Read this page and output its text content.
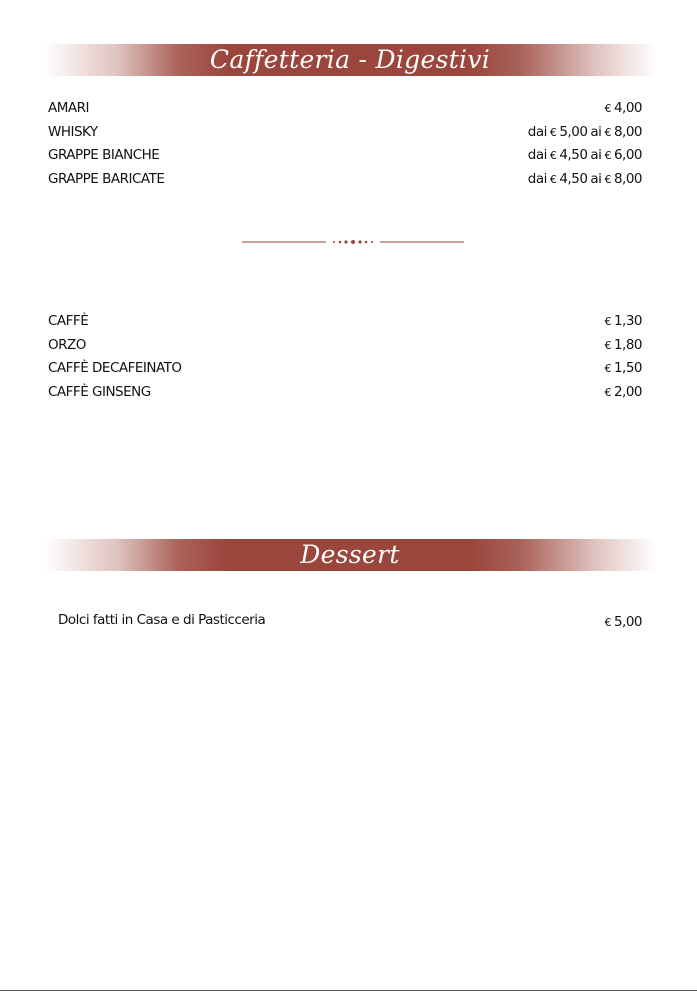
Caffetteria - Digestivi
AMARI	€ 4,00
WHISKY	dai € 5,00 ai € 8,00
GRAPPE BIANCHE	dai € 4,50 ai € 6,00
GRAPPE BARICATE	dai € 4,50 ai € 8,00
CAFFÈ	€ 1,30
ORZO	€ 1,80
CAFFÈ DECAFEINATO	€ 1,50
CAFFÈ GINSENG	€ 2,00
Dessert
Dolci fatti in Casa e di Pasticceria	€ 5,00
